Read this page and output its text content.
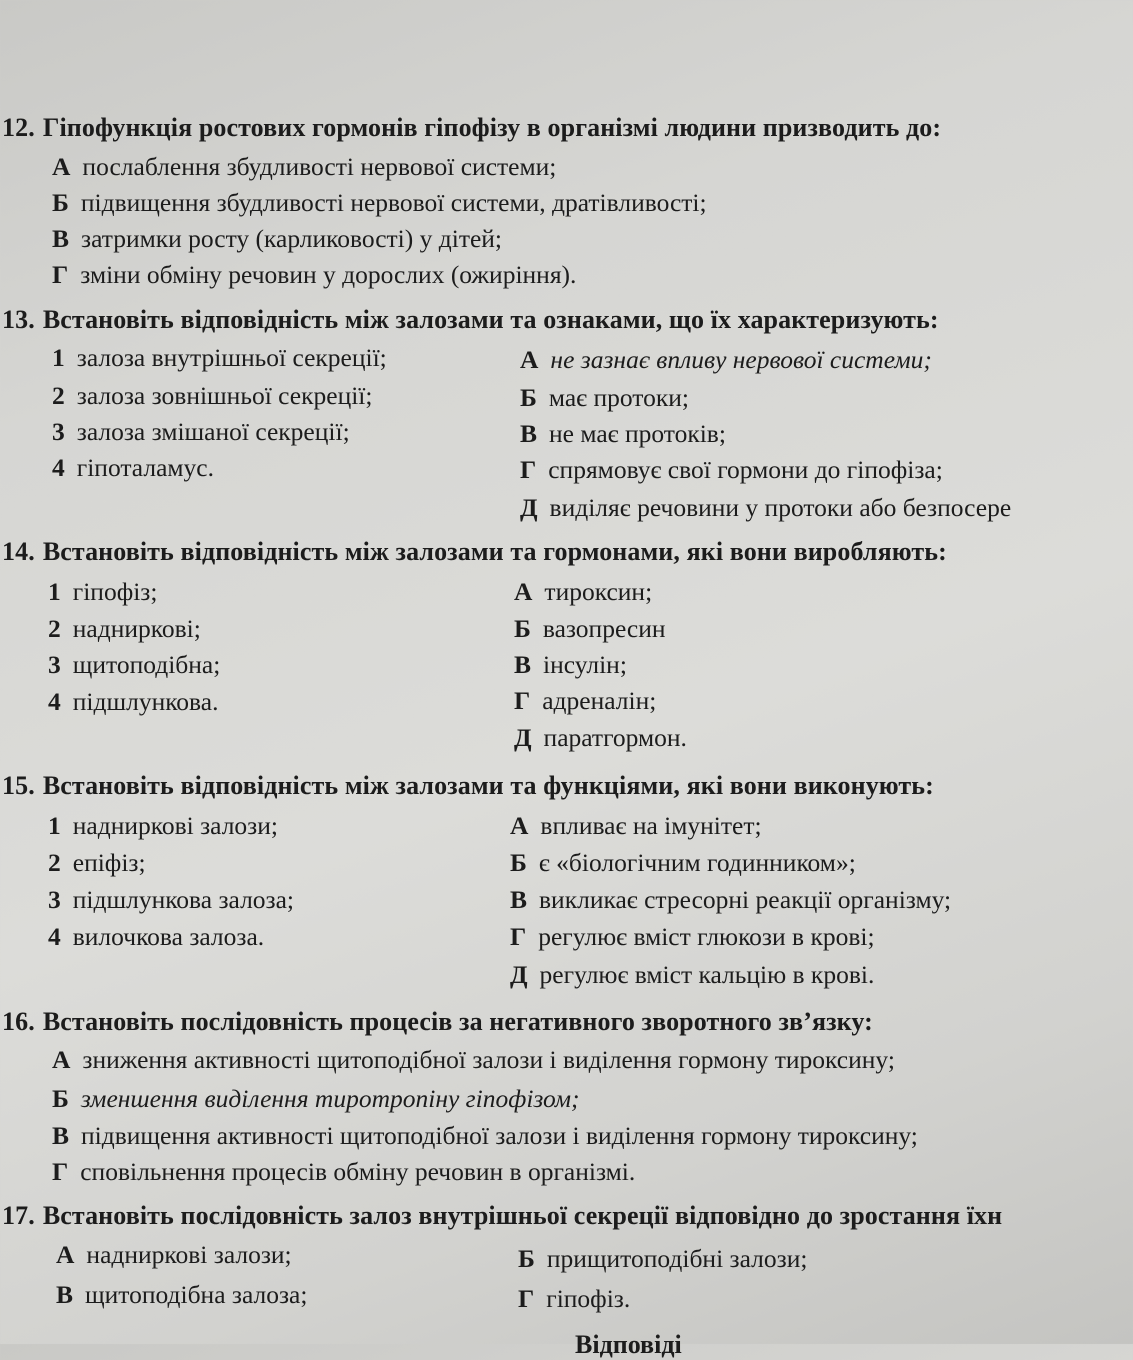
12. Гіпофункція ростових гормонів гіпофізу в організмі людини призводить до:
А послаблення збудливості нервової системи;
Б підвищення збудливості нервової системи, дратівливості;
В затримки росту (карликовості) у дітей;
Г зміни обміну речовин у дорослих (ожиріння).
13. Встановіть відповідність між залозами та ознаками, що їх характеризують:
1 залоза внутрішньої секреції;
2 залоза зовнішньої секреції;
3 залоза змішаної секреції;
4 гіпоталамус.
А не зазнає впливу нервової системи;
Б має протоки;
В не має протоків;
Г спрямовує свої гормони до гіпофіза;
Д виділяє речовини у протоки або безпосере
14. Встановіть відповідність між залозами та гормонами, які вони виробляють:
1 гіпофіз;
2 надниркові;
3 щитоподібна;
4 підшлункова.
А тироксин;
Б вазопресин
В інсулін;
Г адреналін;
Д паратгормон.
15. Встановіть відповідність між залозами та функціями, які вони виконують:
1 надниркові залози;
2 епіфіз;
3 підшлункова залоза;
4 вилочкова залоза.
А впливає на імунітет;
Б є «біологічним годинником»;
В викликає стресорні реакції організму;
Г регулює вміст глюкози в крові;
Д регулює вміст кальцію в крові.
16. Встановіть послідовність процесів за негативного зворотного зв’язку:
А зниження активності щитоподібної залози і виділення гормону тироксину;
Б зменшення виділення тиротропіну гіпофізом;
В підвищення активності щитоподібної залози і виділення гормону тироксину;
Г сповільнення процесів обміну речовин в організмі.
17. Встановіть послідовність залоз внутрішньої секреції відповідно до зростання їхн
А надниркові залози;	Б прищитоподібні залози;
В щитоподібна залоза;	Г гіпофіз.
Відповіді
